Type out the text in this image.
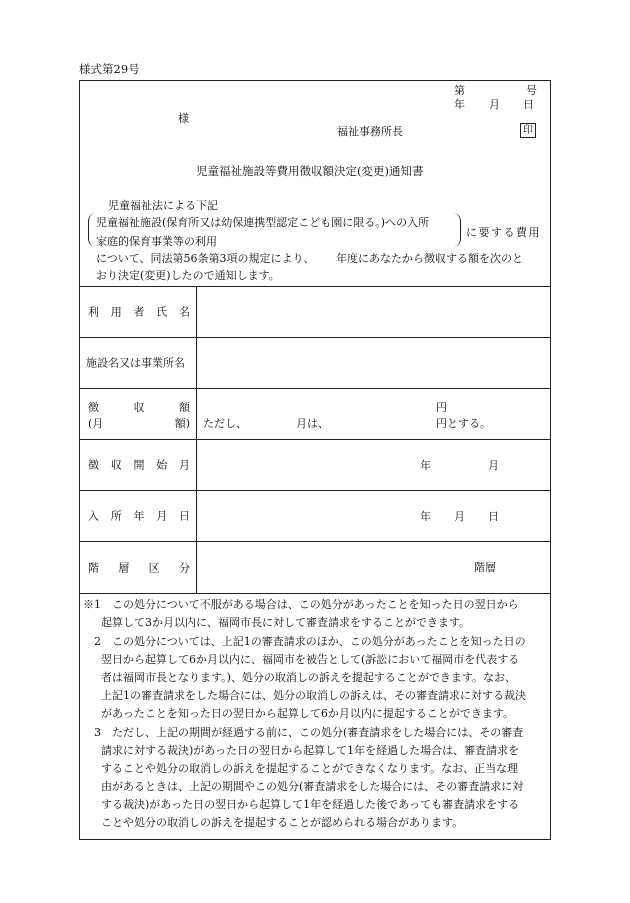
様式第29号
第	号
年 月 日
様
福祉事務所長	印
児童福祉施設等費用徴収額決定(変更)通知書
児童福祉法による下記
児童福祉施設(保育所又は幼保連携型認定こども園に限る。)への入所
家庭的保育事業等の利用
に要する費用
について、同法第56条第3項の規定により、 年度にあなたから徴収する額を次のと
おり決定(変更)したので通知します。
利 用 者 氏 名
施設名又は事業所名
徴	収	額
(月	額)
円
ただし、	月は、	円とする。
徴 収 開 始 月	年	月
入 所 年 月 日	年 月 日
階 層 区 分	階層
※1　この処分について不服がある場合は、この処分があったことを知った日の翌日から
起算して3か月以内に、福岡市長に対して審査請求をすることができます。
2　この処分については、上記1の審査請求のほか、この処分があったことを知った日の
翌日から起算して6か月以内に、福岡市を被告として(訴訟において福岡市を代表する
者は福岡市長となります。)、処分の取消しの訴えを提起することができます。なお、
上記1の審査請求をした場合には、処分の取消しの訴えは、その審査請求に対する裁決
があったことを知った日の翌日から起算して6か月以内に提起することができます。
3　ただし、上記の期間が経過する前に、この処分(審査請求をした場合には、その審査
請求に対する裁決)があった日の翌日から起算して1年を経過した場合は、審査請求を
することや処分の取消しの訴えを提起することができなくなります。なお、正当な理
由があるときは、上記の期間やこの処分(審査請求をした場合には、その審査請求に対
する裁決)があった日の翌日から起算して1年を経過した後であっても審査請求をする
ことや処分の取消しの訴えを提起することが認められる場合があります。
